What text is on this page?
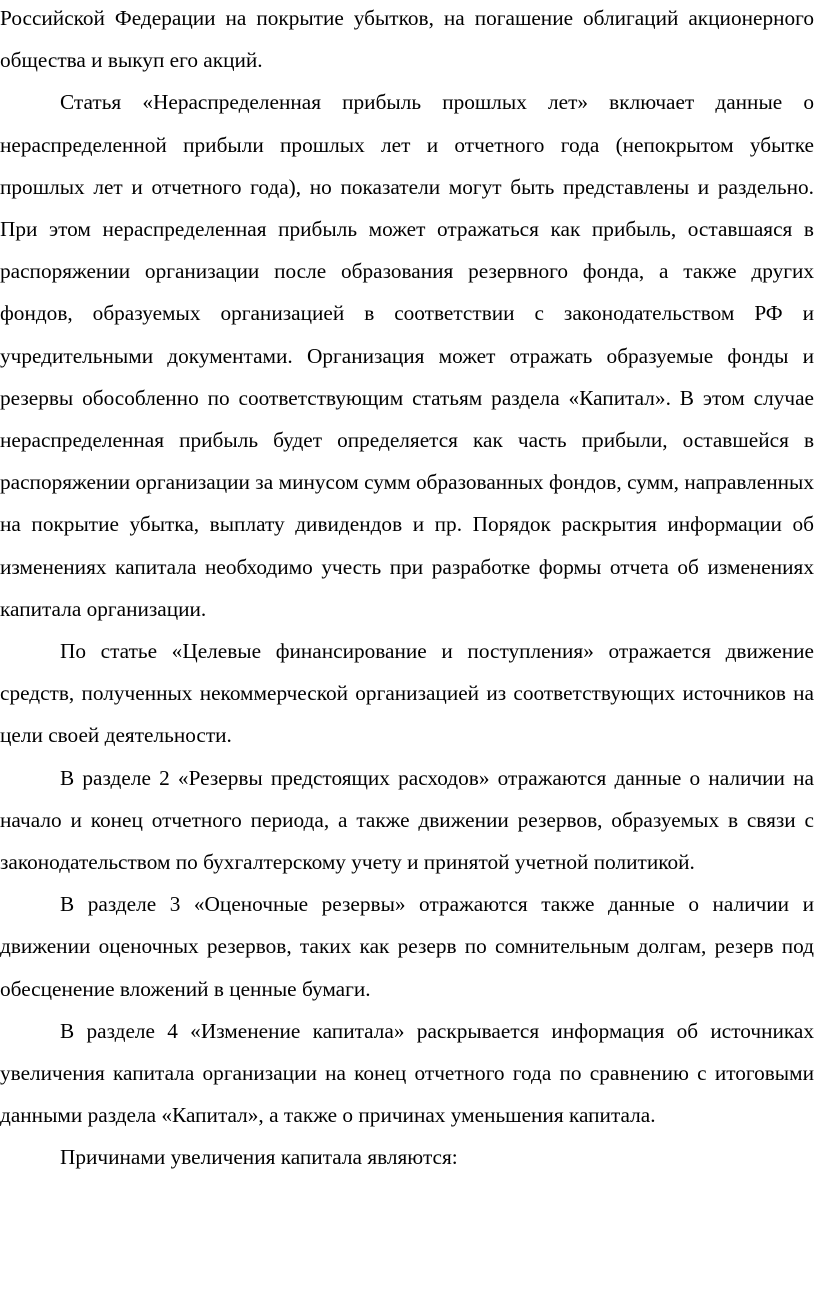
Российской Федерации на покрытие убытков, на погашение облигаций акционерного общества и выкуп его акций.

Статья «Нераспределенная прибыль прошлых лет» включает данные о нераспределенной прибыли прошлых лет и отчетного года (непокрытом убытке прошлых лет и отчетного года), но показатели могут быть представлены и раздельно. При этом нераспределенная прибыль может отражаться как прибыль, оставшаяся в распоряжении организации после образования резервного фонда, а также других фондов, образуемых организацией в соответствии с законодательством РФ и учредительными документами. Организация может отражать образуемые фонды и резервы обособленно по соответствующим статьям раздела «Капитал». В этом случае нераспределенная прибыль будет определяется как часть прибыли, оставшейся в распоряжении организации за минусом сумм образованных фондов, сумм, направленных на покрытие убытка, выплату дивидендов и пр. Порядок раскрытия информации об изменениях капитала необходимо учесть при разработке формы отчета об изменениях капитала организации.

По статье «Целевые финансирование и поступления» отражается движение средств, полученных некоммерческой организацией из соответствующих источников на цели своей деятельности.

В разделе 2 «Резервы предстоящих расходов» отражаются данные о наличии на начало и конец отчетного периода, а также движении резервов, образуемых в связи с законодательством по бухгалтерскому учету и принятой учетной политикой.

В разделе 3 «Оценочные резервы» отражаются также данные о наличии и движении оценочных резервов, таких как резерв по сомнительным долгам, резерв под обесценение вложений в ценные бумаги.

В разделе 4 «Изменение капитала» раскрывается информация об источниках увеличения капитала организации на конец отчетного года по сравнению с итоговыми данными раздела «Капитал», а также о причинах уменьшения капитала.

Причинами увеличения капитала являются:
